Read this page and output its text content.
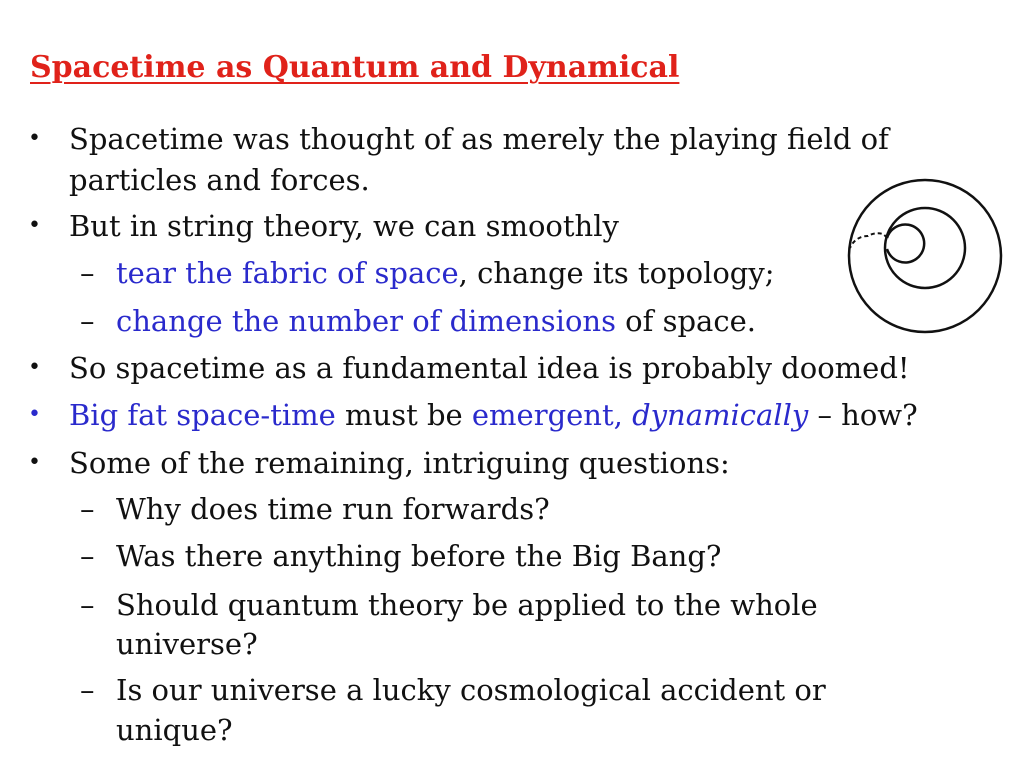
Spacetime as Quantum and Dynamical
• Spacetime was thought of as merely the playing field of
particles and forces.
• But in string theory, we can smoothly
– tear the fabric of space, change its topology;
– change the number of dimensions of space.
• So spacetime as a fundamental idea is probably doomed!
• Big fat space-time must be emergent, dynamically – how?
• Some of the remaining, intriguing questions:
– Why does time run forwards?
– Was there anything before the Big Bang?
– Should quantum theory be applied to the whole
universe?
– Is our universe a lucky cosmological accident or
unique?
